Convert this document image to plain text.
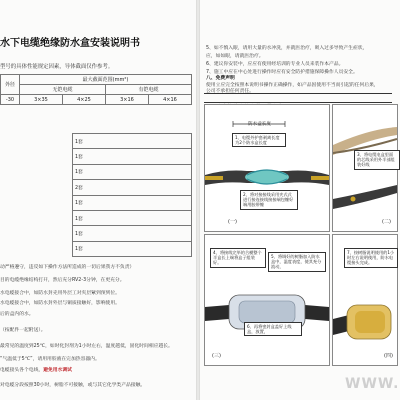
水下电缆绝缘防水盒安装说明书
型号的具体性能规定因素，导体截面仅作参考。
外径	最大截面范围(mm²)			
	无铠电缆		有铠电缆	
-30	3×35	4×25	3×16	4×16
1套
1套
1套
2套
1套
1套
1套
1套
动严格遵守，违反如下操作方法所造成的一切后果我方不负责）
目的电缆绝缘结构打开，然后充分RV2-3分钟，在更充分。
水电缆接合中，如防水封壳用外层工对夹层紧到预到位。
水电缆接合中，如防水封外层与铜质接触好，影响使用。
后的盒内的水。
（按配件一起附送）。
最常见的温度到25℃，如时化封剂为1小时左右，温度越低，固化时间相应越长。
“气温低于5℃”，请用用胶液在完加热容器内。
电缆接头各个电线，避免用水调试
对电缆分段按照30小时，树脂不可接触，或与其它化学类产品接触。
5、如不慎入眼，请用大量的水冲洗，并就医治疗，吸入过多导致产生症状，
应，如如眼，请就医治疗。
6、建议你安装中，应应有使用经培训的专业人员来装作本产品。
7、施工中应在中心处进行操作时应有安全防护措施保障操作人员安全。
八、免费声明
使用立应完全按照本说明书操作正确操作，如产品因使用不当而引起的任何后果，
公司不承担任何责任。
(一)
防水盒长度
1、电缆外护套剥离长度为2个防水盒长度
2、将对接接线采用夹式式进行接连接线接接端包缠好端用胶带缠
3、将电缆电盒里面的芯线采用外半部组装好线
(二)
4、将接线完毕的合模整个半盒长上端将盒子组装好。
5、将调好的树脂加入防水盒中，温度表度，使其充分流动，
6、再将密封盒盖好上线盒，放置，
(三)
7、按树脂说明使用的1小时左右说明使用，防水电缆接头完成。
(四)
WWW.
